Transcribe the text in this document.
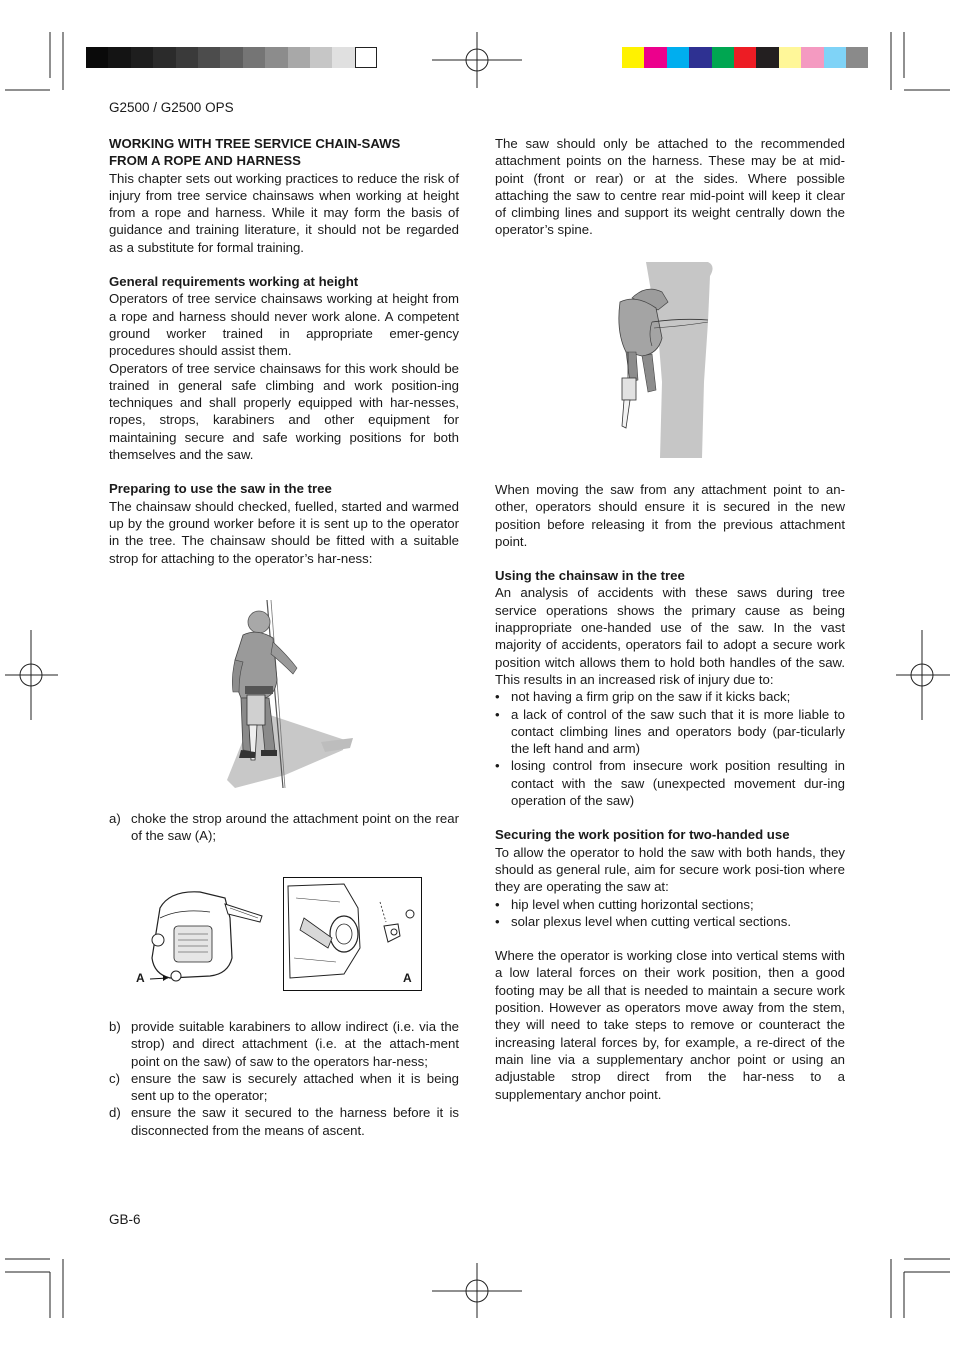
G2500 / G2500 OPS
WORKING WITH TREE SERVICE CHAIN-SAWS
FROM A ROPE AND HARNESS

This chapter sets out working practices to reduce the risk of injury from tree service chainsaws when working at height from a rope and harness. While it may form the basis of guidance and training literature, it should not be regarded as a substitute for formal training.

General requirements working at height

Operators of tree service chainsaws working at height from a rope and harness should never work alone. A competent ground worker trained in appropriate emer-gency procedures should assist them.

Operators of tree service chainsaws for this work should be trained in general safe climbing and work position-ing techniques and shall properly equipped with har-nesses, ropes, strops, karabiners and other equipment for maintaining secure and safe working positions for both themselves and the saw.

Preparing to use the saw in the tree

The chainsaw should checked, fuelled, started and warmed up by the ground worker before it is sent up to the operator in the tree. The chainsaw should be fitted with a suitable strop for attaching to the operator’s har-ness:

a) choke the strop around the attachment point on the rear of the saw (A);
A	A
b) provide suitable karabiners to allow indirect (i.e. via the strop) and direct attachment (i.e. at the attach-ment point on the saw) of saw to the operators har-ness;
c) ensure the saw is securely attached when it is being sent up to the operator;
d) ensure the saw it secured to the harness before it is disconnected from the means of ascent.

The saw should only be attached to the recommended attachment points on the harness. These may be at mid-point (front or rear) or at the sides. Where possible attaching the saw to centre rear mid-point will keep it clear of climbing lines and support its weight centrally down the operator’s spine.

When moving the saw from any attachment point to an-other, operators should ensure it is secured in the new position before releasing it from the previous attachment point.

Using the chainsaw in the tree

An analysis of accidents with these saws during tree service operations shows the primary cause as being inappropriate one-handed use of the saw. In the vast majority of accidents, operators fail to adopt a secure work position witch allows them to hold both handles of the saw. This results in an increased risk of injury due to:

• not having a firm grip on the saw if it kicks back;
• a lack of control of the saw such that it is more liable to contact climbing lines and operators body (par-ticularly the left hand and arm)
• losing control from insecure work position resulting in contact with the saw (unexpected movement dur-ing operation of the saw)
Securing the work position for two-handed use

To allow the operator to hold the saw with both hands, they should as general rule, aim for secure work posi-tion where they are operating the saw at:

• hip level when cutting horizontal sections;
• solar plexus level when cutting vertical sections.

Where the operator is working close into vertical stems with a low lateral forces on their work position, then a good footing may be all that is needed to maintain a secure work position. However as operators move away from the stem, they will need to take steps to remove or counteract the increasing lateral forces by, for example, a re-direct of the main line via a supplementary anchor point or using an adjustable strop direct from the har-ness to a supplementary anchor point.

GB-6
